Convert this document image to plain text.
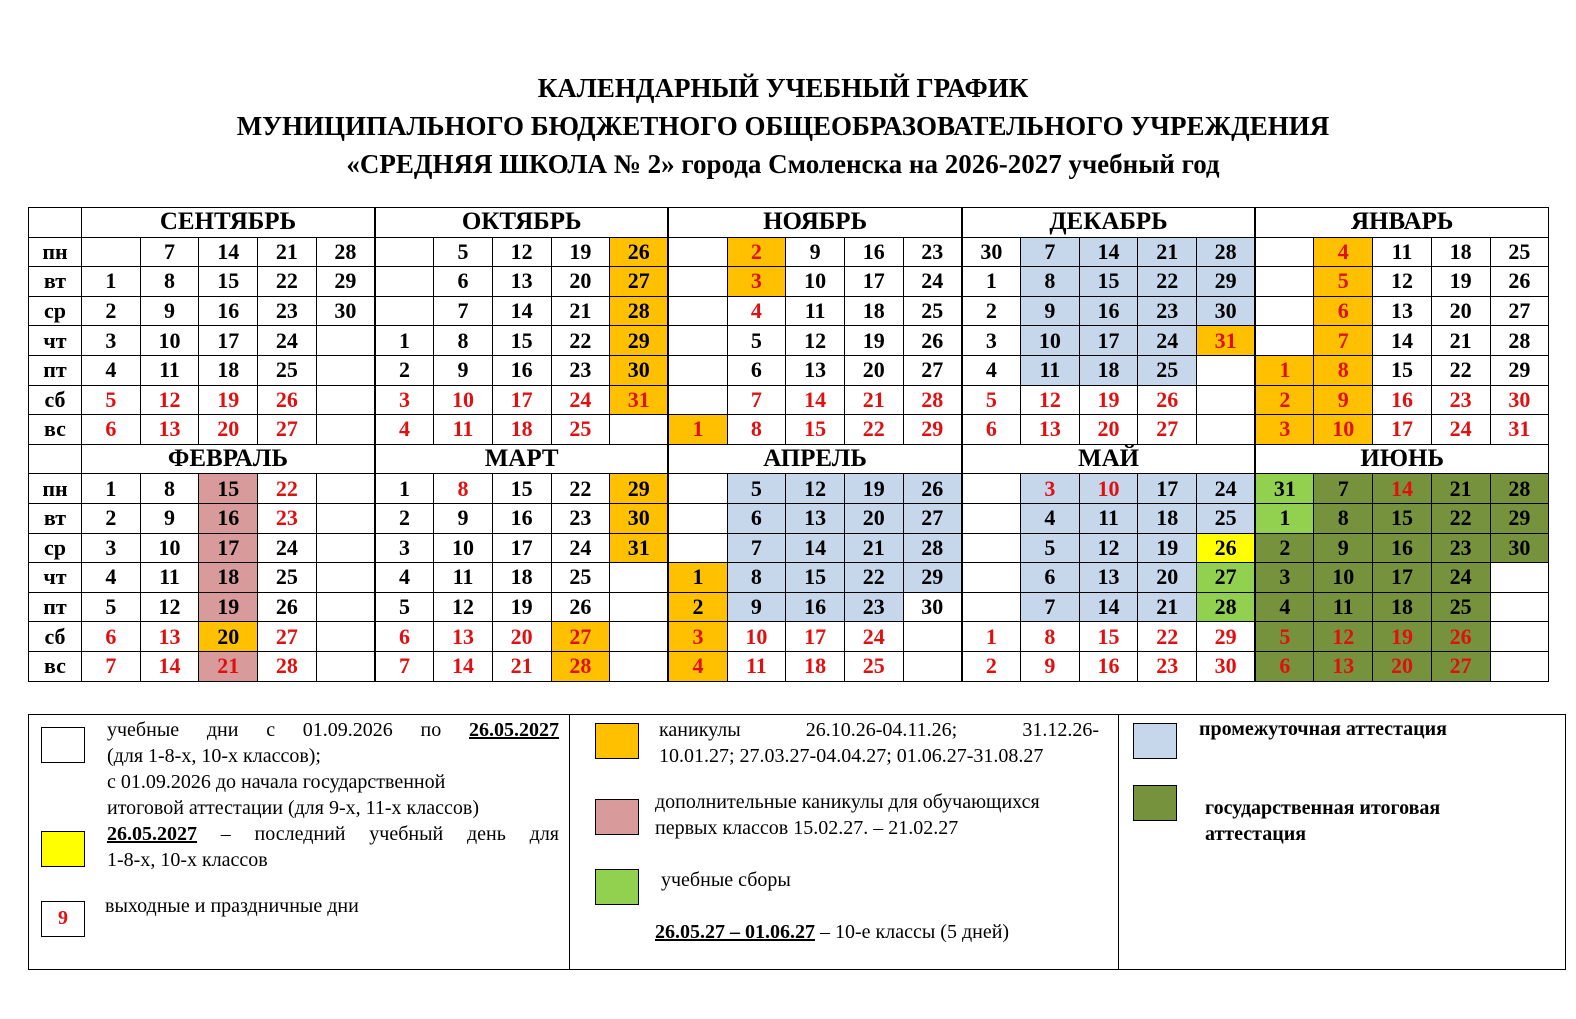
КАЛЕНДАРНЫЙ УЧЕБНЫЙ ГРАФИК
МУНИЦИПАЛЬНОГО БЮДЖЕТНОГО ОБЩЕОБРАЗОВАТЕЛЬНОГО УЧРЕЖДЕНИЯ
«СРЕДНЯЯ ШКОЛА № 2» города Смоленска на 2026-2027 учебный год
	СЕНТЯБРЬ					ОКТЯБРЬ					НОЯБРЬ					ДЕКАБРЬ					ЯНВАРЬ				
пн		7	14	21	28		5	12	19	26		2	9	16	23	30	7	14	21	28		4	11	18	25
вт	1	8	15	22	29		6	13	20	27		3	10	17	24	1	8	15	22	29		5	12	19	26
ср	2	9	16	23	30		7	14	21	28		4	11	18	25	2	9	16	23	30		6	13	20	27
чт	3	10	17	24		1	8	15	22	29		5	12	19	26	3	10	17	24	31		7	14	21	28
пт	4	11	18	25		2	9	16	23	30		6	13	20	27	4	11	18	25		1	8	15	22	29
сб	5	12	19	26		3	10	17	24	31		7	14	21	28	5	12	19	26		2	9	16	23	30
вс	6	13	20	27		4	11	18	25		1	8	15	22	29	6	13	20	27		3	10	17	24	31
	ФЕВРАЛЬ					МАРТ					АПРЕЛЬ					МАЙ					ИЮНЬ				
пн	1	8	15	22		1	8	15	22	29		5	12	19	26		3	10	17	24	31	7	14	21	28
вт	2	9	16	23		2	9	16	23	30		6	13	20	27		4	11	18	25	1	8	15	22	29
ср	3	10	17	24		3	10	17	24	31		7	14	21	28		5	12	19	26	2	9	16	23	30
чт	4	11	18	25		4	11	18	25		1	8	15	22	29		6	13	20	27	3	10	17	24	
пт	5	12	19	26		5	12	19	26		2	9	16	23	30		7	14	21	28	4	11	18	25	
сб	6	13	20	27		6	13	20	27		3	10	17	24		1	8	15	22	29	5	12	19	26	
вс	7	14	21	28		7	14	21	28		4	11	18	25		2	9	16	23	30	6	13	20	27	
учебные дни с 01.09.2026 по 26.05.2027
(для 1-8-х, 10-х классов);
с 01.09.2026 до начала государственной
итоговой аттестации (для 9-х, 11-х классов)
26.05.2027 – последний учебный день для
1-8-х, 10-х классов
9
выходные и праздничные дни
каникулы 26.10.26-04.11.26; 31.12.26-
10.01.27; 27.03.27-04.04.27; 01.06.27-31.08.27
дополнительные каникулы для обучающихся
первых классов 15.02.27. – 21.02.27
учебные сборы
26.05.27 – 01.06.27 – 10-е классы (5 дней)
промежуточная аттестация
государственная итоговая
аттестация
